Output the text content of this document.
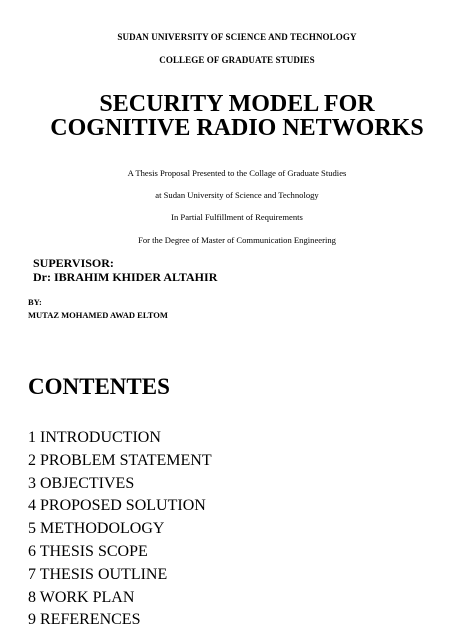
SUDAN UNIVERSITY OF SCIENCE AND TECHNOLOGY
COLLEGE OF GRADUATE STUDIES
SECURITY MODEL FOR
COGNITIVE RADIO NETWORKS
A Thesis Proposal Presented to the Collage of Graduate Studies
at Sudan University of Science and Technology
In Partial Fulfillment of Requirements
For the Degree of Master of Communication Engineering
SUPERVISOR:
Dr: IBRAHIM KHIDER ALTAHIR
BY:
MUTAZ MOHAMED AWAD ELTOM
CONTENTES
1 INTRODUCTION
2 PROBLEM STATEMENT
3 OBJECTIVES
4 PROPOSED SOLUTION
5 METHODOLOGY
6 THESIS SCOPE
7 THESIS OUTLINE
8 WORK PLAN
9 REFERENCES
